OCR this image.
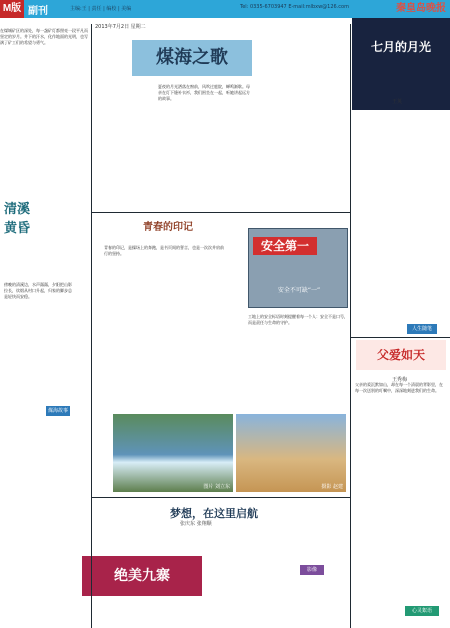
M版 副刊	主编:王 | 责任 | 编校 | 美编	Tel: 0335-6703947 E-mail:mlbxw@126.com	秦皇岛晚报
2013年7月2日 星期二
煤海之歌	七月的月光
清溪黄昏	青春的印记
父爱如天
梦想，在这里启航
绝美九寨
安全第一
安全不可缺“一”
图片 刘立东	摄影 赵建
王英
王秀梅
张庆东 张翔顺
煤海故事
人生随笔
影像
心灵絮语
在煤城矿区的深处，每一盏矿灯都照亮一段平凡而坚定的岁月。井下的汗水，化作地面的光明，也写满了矿工们的希望与勇气。
夏夜的月光洒落在窗前，风吹过庭院，蝉鸣渐歇。母亲在灯下缝补衣衫，我们围坐在一起，听她讲起远方的故事。
傍晚的清溪边，水声潺潺，夕阳把山影拉长，炊烟从村口升起，归家的脚步总是轻快而安稳。
青春的印记，是操场上的奔跑，是书页间的誓言，也是一次次并肩前行的坚持。
工地上的安全标语时刻提醒着每一个人：安全不是口号，而是责任与生命的守护。
父亲的爱沉默如山，却在每一个清晨的背影里，在每一次送别的叮嘱中，深深地刻进我们的生命。
